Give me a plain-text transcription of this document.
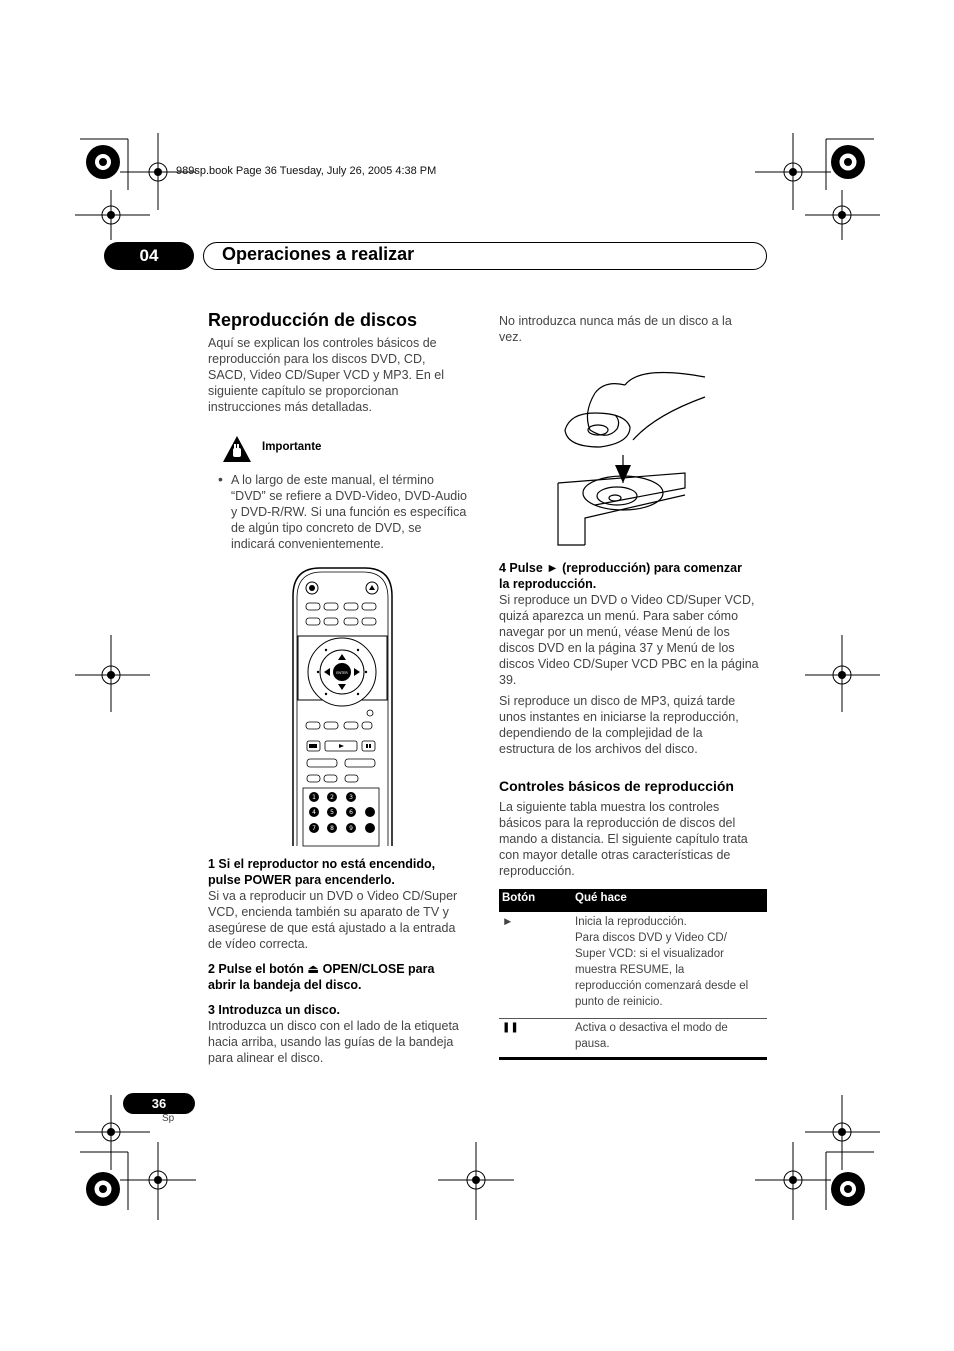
989sp.book Page 36 Tuesday, July 26, 2005 4:38 PM
04	Operaciones a realizar
Reproducción de discos
Aquí se explican los controles básicos de
reproducción para los discos DVD, CD,
SACD, Video CD/Super VCD y MP3. En el
siguiente capítulo se proporcionan
instrucciones más detalladas.
Importante
• A lo largo de este manual, el término
“DVD” se refiere a DVD-Video, DVD-Audio
y DVD-R/RW. Si una función es específica
de algún tipo concreto de DVD, se
indicará convenientemente.
ENTER
1 2	3
4 5	6
7 8	9
1 Si el reproductor no está encendido,
pulse POWER para encenderlo.
Si va a reproducir un DVD o Video CD/Super
VCD, encienda también su aparato de TV y
asegúrese de que está ajustado a la entrada
de vídeo correcta.
2 Pulse el botón ⏏ OPEN/CLOSE para
abrir la bandeja del disco.
3 Introduzca un disco.
Introduzca un disco con el lado de la etiqueta
hacia arriba, usando las guías de la bandeja
para alinear el disco.
No introduzca nunca más de un disco a la
vez.
4 Pulse ► (reproducción) para comenzar
la reproducción.
Si reproduce un DVD o Video CD/Super VCD,
quizá aparezca un menú. Para saber cómo
navegar por un menú, véase Menú de los
discos DVD en la página 37 y Menú de los
discos Video CD/Super VCD PBC en la página
39.
Si reproduce un disco de MP3, quizá tarde
unos instantes en iniciarse la reproducción,
dependiendo de la complejidad de la
estructura de los archivos del disco.
Controles básicos de reproducción
La siguiente tabla muestra los controles
básicos para la reproducción de discos del
mando a distancia. El siguiente capítulo trata
con mayor detalle otras características de
reproducción.
Botón	Qué hace
►	Inicia la reproducción.
Para discos DVD y Video CD/
Super VCD: si el visualizador
muestra RESUME, la
reproducción comenzará desde el
punto de reinicio.
❚❚	Activa o desactiva el modo de
pausa.
36
Sp
